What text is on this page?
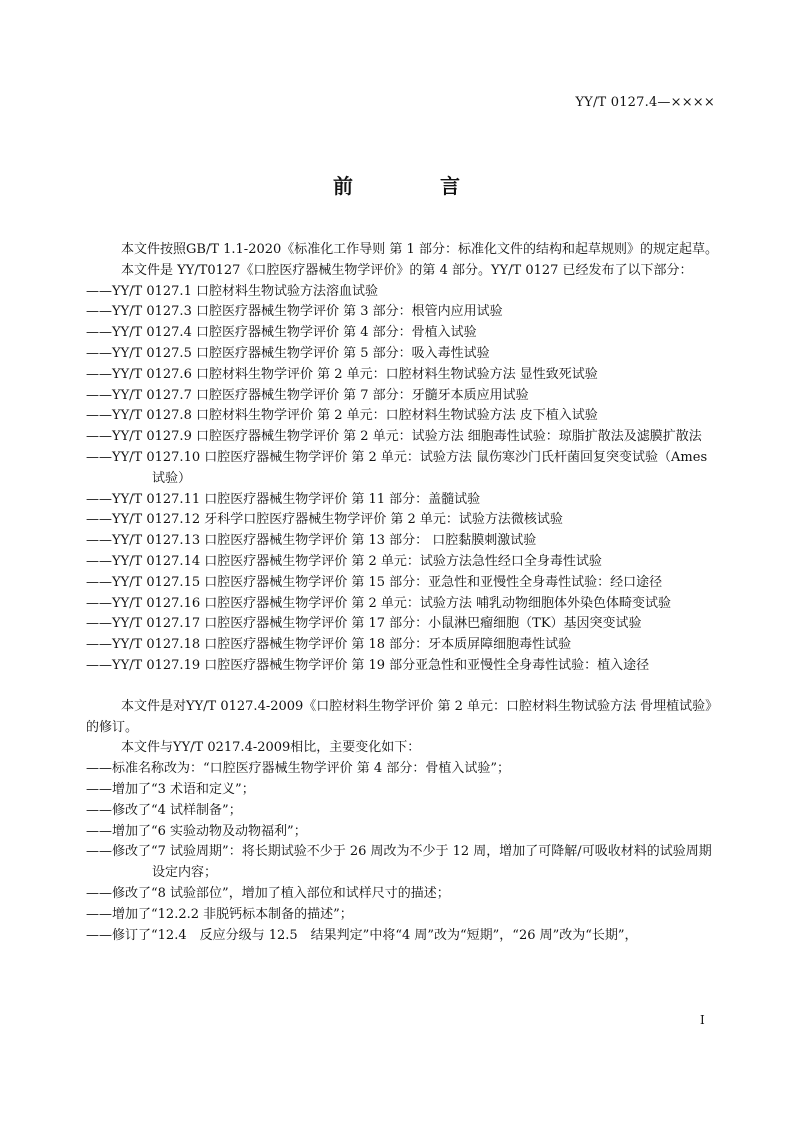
YY/T 0127.4—××××
前 言

本文件按照GB/T 1.1-2020《标准化工作导则 第 1 部分：标准化文件的结构和起草规则》的规定起草。

本文件是 YY/T0127《口腔医疗器械生物学评价》的第 4 部分。YY/T 0127 已经发布了以下部分：

——YY/T 0127.1 口腔材料生物试验方法溶血试验

——YY/T 0127.3 口腔医疗器械生物学评价 第 3 部分：根管内应用试验

——YY/T 0127.4 口腔医疗器械生物学评价 第 4 部分：骨植入试验

——YY/T 0127.5 口腔医疗器械生物学评价 第 5 部分：吸入毒性试验

——YY/T 0127.6 口腔材料生物学评价 第 2 单元：口腔材料生物试验方法 显性致死试验

——YY/T 0127.7 口腔医疗器械生物学评价 第 7 部分：牙髓牙本质应用试验

——YY/T 0127.8 口腔材料生物学评价 第 2 单元：口腔材料生物试验方法 皮下植入试验

——YY/T 0127.9 口腔医疗器械生物学评价 第 2 单元：试验方法 细胞毒性试验：琼脂扩散法及滤膜扩散法

——YY/T 0127.10 口腔医疗器械生物学评价 第 2 单元：试验方法 鼠伤寒沙门氏杆菌回复突变试验（Ames 试验）

——YY/T 0127.11 口腔医疗器械生物学评价 第 11 部分：盖髓试验

——YY/T 0127.12 牙科学口腔医疗器械生物学评价 第 2 单元：试验方法微核试验

——YY/T 0127.13 口腔医疗器械生物学评价 第 13 部分： 口腔黏膜刺激试验

——YY/T 0127.14 口腔医疗器械生物学评价 第 2 单元：试验方法急性经口全身毒性试验

——YY/T 0127.15 口腔医疗器械生物学评价 第 15 部分：亚急性和亚慢性全身毒性试验：经口途径

——YY/T 0127.16 口腔医疗器械生物学评价 第 2 单元：试验方法 哺乳动物细胞体外染色体畸变试验

——YY/T 0127.17 口腔医疗器械生物学评价 第 17 部分：小鼠淋巴瘤细胞（TK）基因突变试验

——YY/T 0127.18 口腔医疗器械生物学评价 第 18 部分：牙本质屏障细胞毒性试验

——YY/T 0127.19 口腔医疗器械生物学评价 第 19 部分亚急性和亚慢性全身毒性试验：植入途径

本文件是对YY/T 0127.4-2009《口腔材料生物学评价 第 2 单元：口腔材料生物试验方法 骨埋植试验》的修订。

本文件与YY/T 0217.4-2009相比，主要变化如下：

——标准名称改为：“口腔医疗器械生物学评价 第 4 部分：骨植入试验”；

——增加了“3 术语和定义”；

——修改了“4 试样制备”；

——增加了“6 实验动物及动物福利”；

——修改了“7 试验周期”：将长期试验不少于 26 周改为不少于 12 周，增加了可降解/可吸收材料的试验周期设定内容；

——修改了“8 试验部位”，增加了植入部位和试样尺寸的描述；

——增加了“12.2.2 非脱钙标本制备的描述”；

——修订了“12.4　反应分级与 12.5　结果判定”中将“4 周”改为“短期”，“26 周”改为“长期”，

I
